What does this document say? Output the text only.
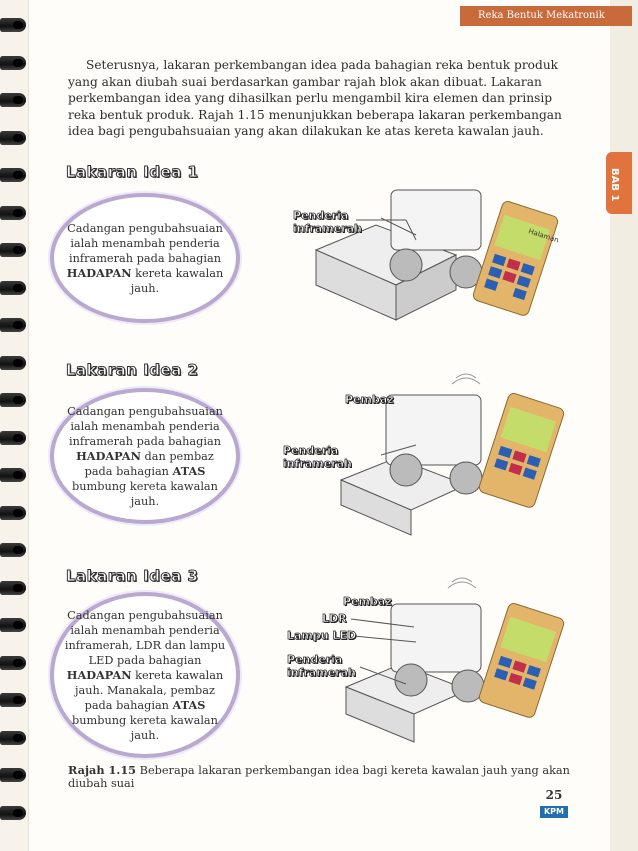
Reka Bentuk Mekatronik
BAB 1

Seterusnya, lakaran perkembangan idea pada bahagian reka bentuk produk yang akan diubah suai berdasarkan gambar rajah blok akan dibuat. Lakaran perkembangan idea yang dihasilkan perlu mengambil kira elemen dan prinsip reka bentuk produk. Rajah 1.15 menunjukkan beberapa lakaran perkembangan idea bagi pengubahsuaian yang akan dilakukan ke atas kereta kawalan jauh.

Lakaran Idea 1
Cadangan pengubahsuaian ialah menambah penderia inframerah pada bahagian HADAPAN kereta kawalan jauh.
Halaman
Penderia
inframerah
Lakaran Idea 2
Cadangan pengubahsuaian ialah menambah penderia inframerah pada bahagian HADAPAN dan pembaz pada bahagian ATAS bumbung kereta kawalan jauh.
Pembaz
Penderia
inframerah
Lakaran Idea 3
Cadangan pengubahsuaian ialah menambah penderia inframerah, LDR dan lampu LED pada bahagian HADAPAN kereta kawalan jauh. Manakala, pembaz pada bahagian ATAS bumbung kereta kawalan jauh.
Pembaz
LDR
Lampu LED
Penderia
inframerah
Rajah 1.15 Beberapa lakaran perkembangan idea bagi kereta kawalan jauh yang akan diubah suai
25
KPM
